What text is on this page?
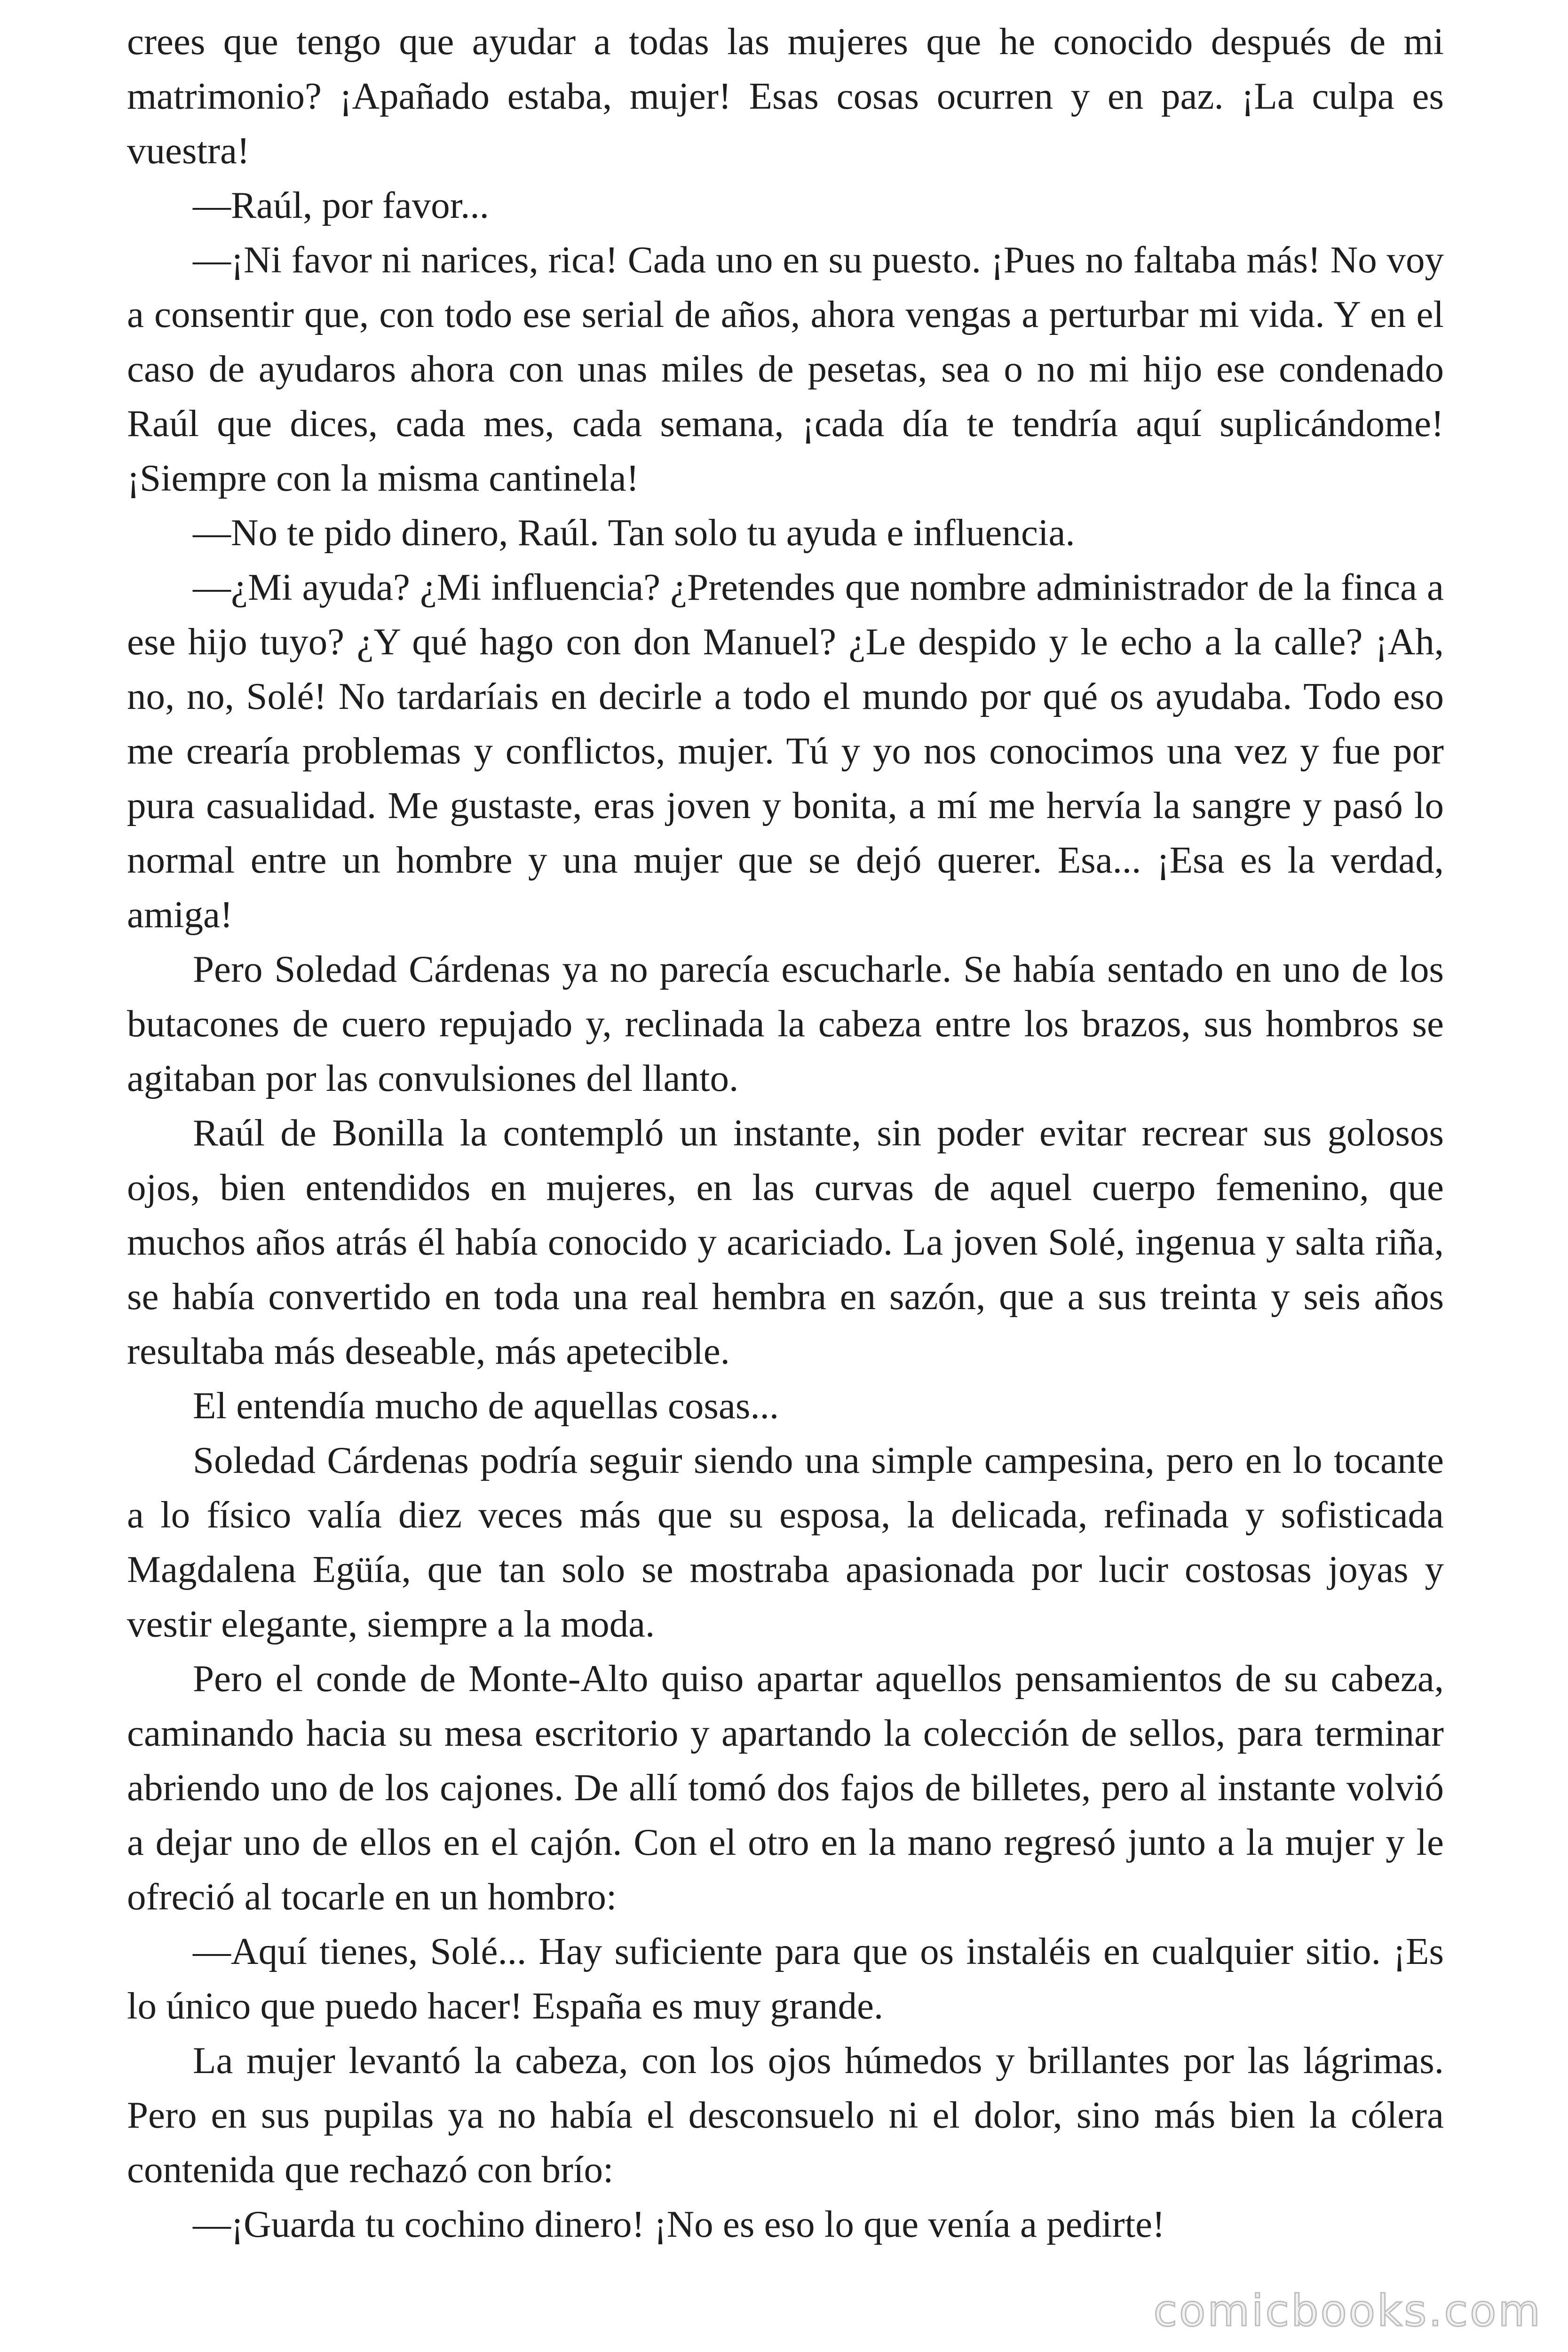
crees que tengo que ayudar a todas las mujeres que he conocido después de mi matrimonio? ¡Apañado estaba, mujer! Esas cosas ocurren y en paz. ¡La culpa es vuestra!

—Raúl, por favor...

—¡Ni favor ni narices, rica! Cada uno en su puesto. ¡Pues no faltaba más! No voy a consentir que, con todo ese serial de años, ahora vengas a perturbar mi vida. Y en el caso de ayudaros ahora con unas miles de pesetas, sea o no mi hijo ese condenado Raúl que dices, cada mes, cada semana, ¡cada día te tendría aquí suplicándome! ¡Siempre con la misma cantinela!

—No te pido dinero, Raúl. Tan solo tu ayuda e influencia.

—¿Mi ayuda? ¿Mi influencia? ¿Pretendes que nombre administrador de la finca a ese hijo tuyo? ¿Y qué hago con don Manuel? ¿Le despido y le echo a la calle? ¡Ah, no, no, Solé! No tardaríais en decirle a todo el mundo por qué os ayudaba. Todo eso me crearía problemas y conflictos, mujer. Tú y yo nos conocimos una vez y fue por pura casualidad. Me gustaste, eras joven y bonita, a mí me hervía la sangre y pasó lo normal entre un hombre y una mujer que se dejó querer. Esa... ¡Esa es la verdad, amiga!

Pero Soledad Cárdenas ya no parecía escucharle. Se había sentado en uno de los butacones de cuero repujado y, reclinada la cabeza entre los brazos, sus hombros se agitaban por las convulsiones del llanto.

Raúl de Bonilla la contempló un instante, sin poder evitar recrear sus golosos ojos, bien entendidos en mujeres, en las curvas de aquel cuerpo femenino, que muchos años atrás él había conocido y acariciado. La joven Solé, ingenua y salta riña, se había convertido en toda una real hembra en sazón, que a sus treinta y seis años resultaba más deseable, más apetecible.

El entendía mucho de aquellas cosas...

Soledad Cárdenas podría seguir siendo una simple campesina, pero en lo tocante a lo físico valía diez veces más que su esposa, la delicada, refinada y sofisticada Magdalena Egüía, que tan solo se mostraba apasionada por lucir costosas joyas y vestir elegante, siempre a la moda.

Pero el conde de Monte-Alto quiso apartar aquellos pensamientos de su cabeza, caminando hacia su mesa escritorio y apartando la colección de sellos, para terminar abriendo uno de los cajones. De allí tomó dos fajos de billetes, pero al instante volvió a dejar uno de ellos en el cajón. Con el otro en la mano regresó junto a la mujer y le ofreció al tocarle en un hombro:

—Aquí tienes, Solé... Hay suficiente para que os instaléis en cualquier sitio. ¡Es lo único que puedo hacer! España es muy grande.

La mujer levantó la cabeza, con los ojos húmedos y brillantes por las lágrimas. Pero en sus pupilas ya no había el desconsuelo ni el dolor, sino más bien la cólera contenida que rechazó con brío:

—¡Guarda tu cochino dinero! ¡No es eso lo que venía a pedirte!

comicbooks.com
